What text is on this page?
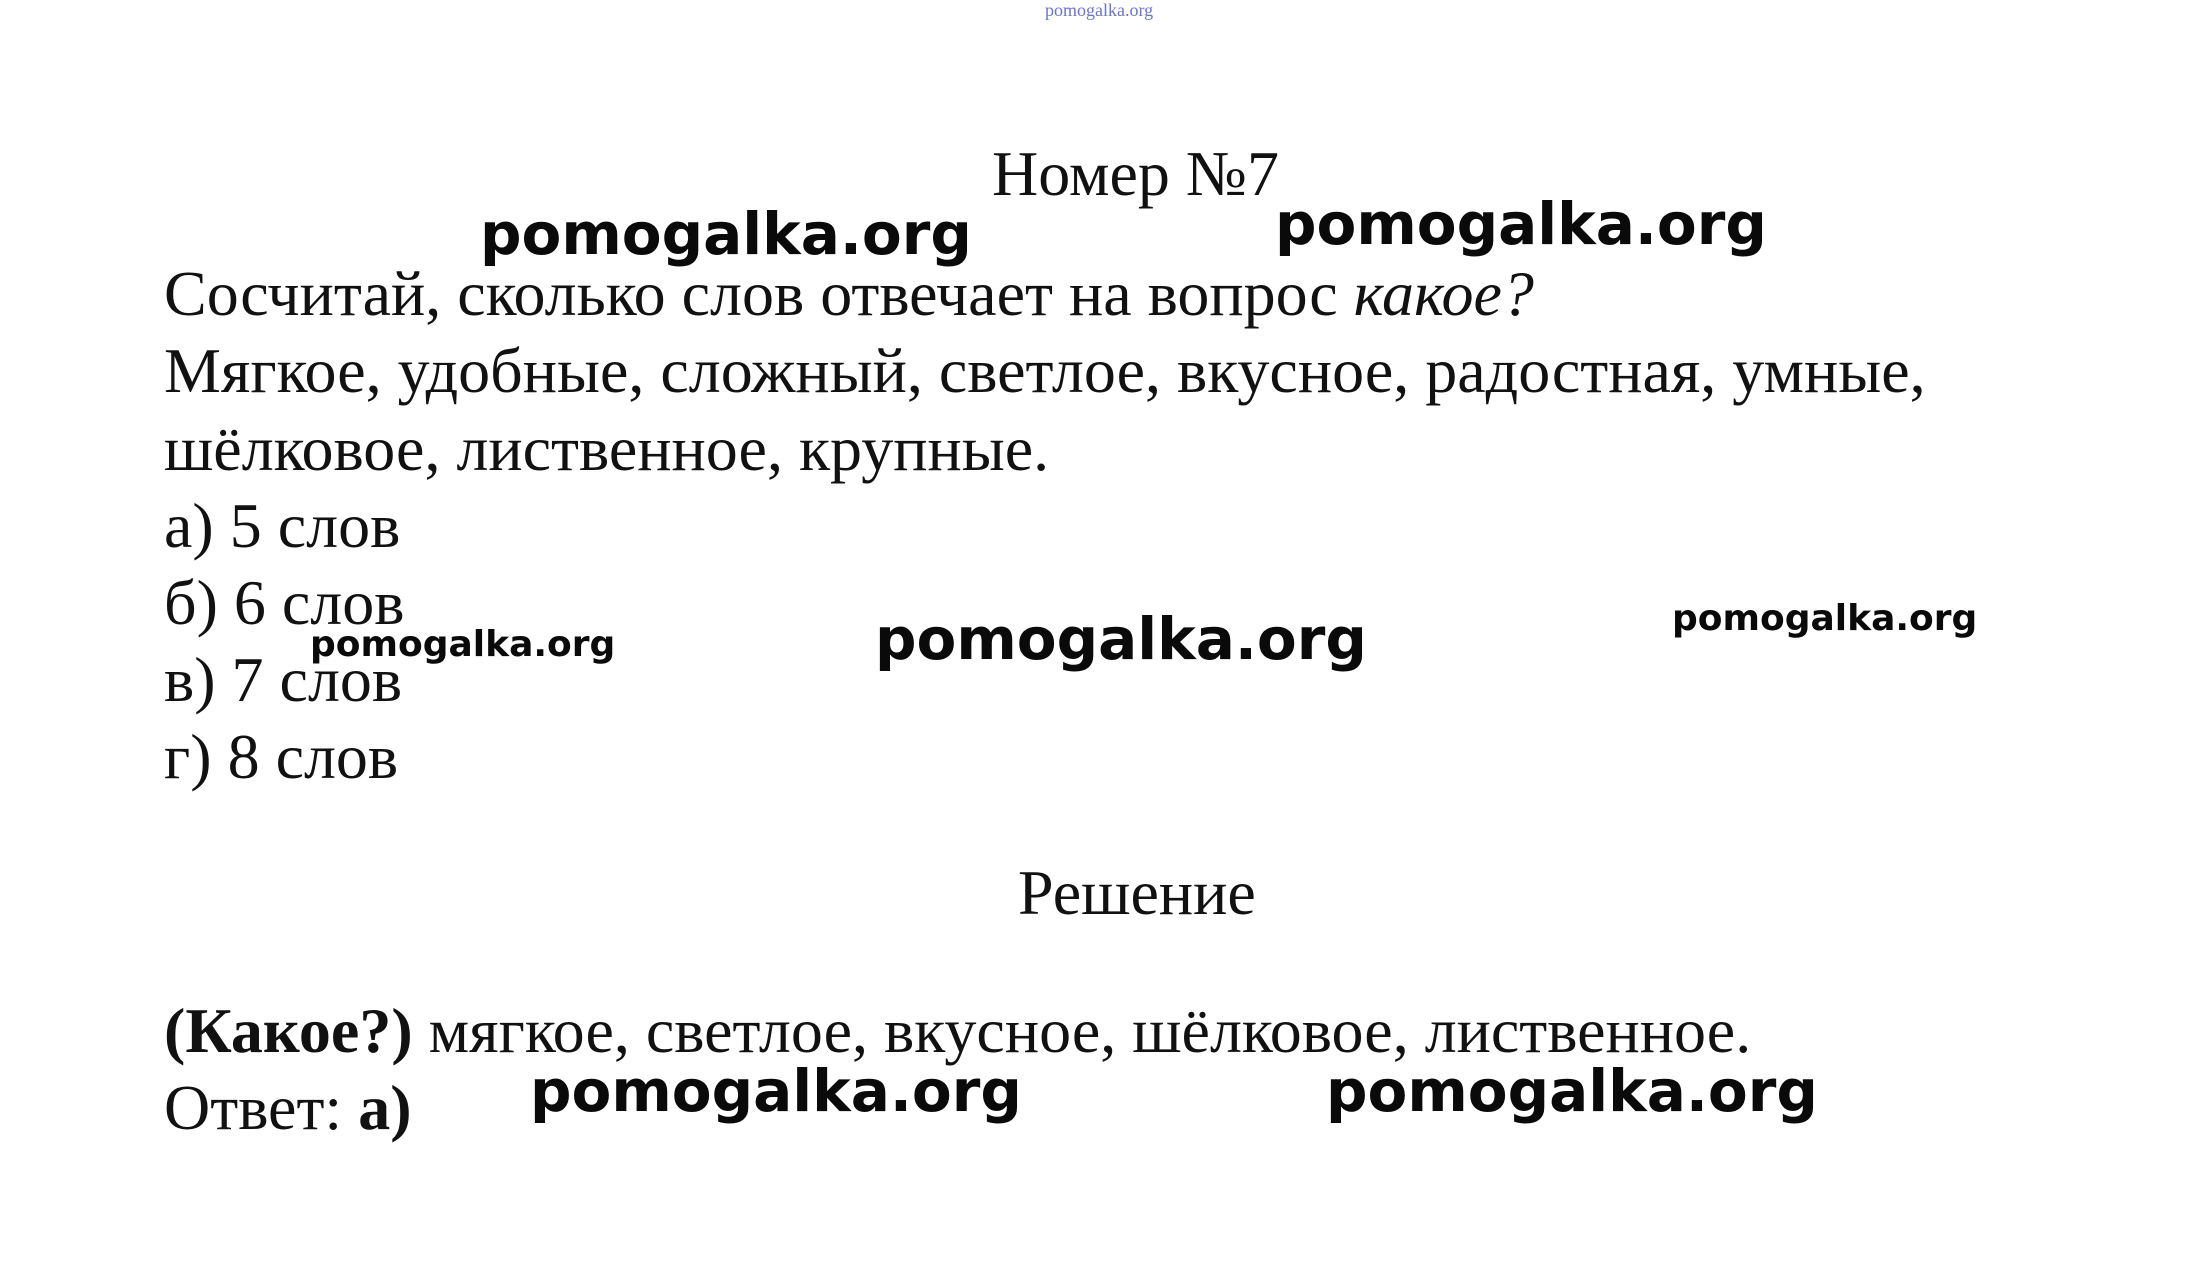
pomogalka.org
Номер №7
Сосчитай, сколько слов отвечает на вопрос какое?
Мягкое, удобные, сложный, светлое, вкусное, радостная, умные,
шёлковое, лиственное, крупные.
а) 5 слов
б) 6 слов
в) 7 слов
г) 8 слов
Решение
(Какое?) мягкое, светлое, вкусное, шёлковое, лиственное.
Ответ: а)
pomogalka.org	pomogalka.org
pomogalka.org	pomogalka.org
pomogalka.org
pomogalka.org	pomogalka.org
